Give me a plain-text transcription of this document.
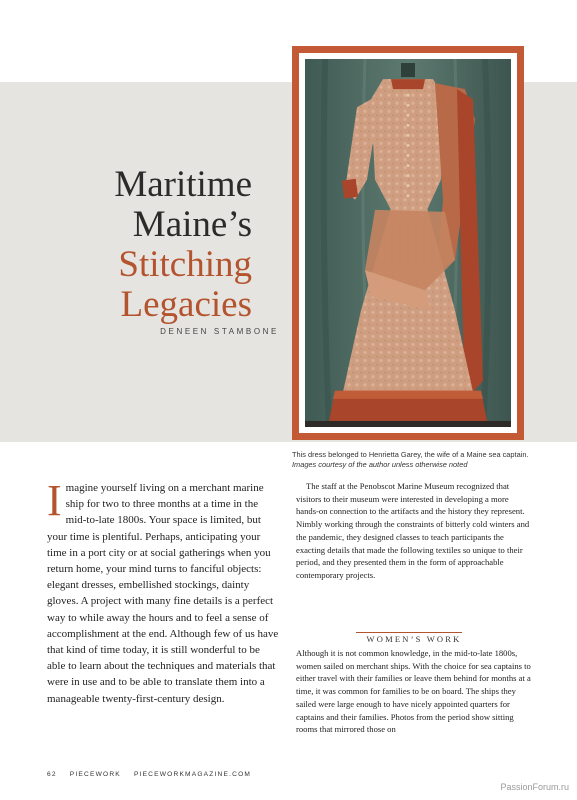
Maritime
Maine’s
Stitching
Legacies
DENEEN STAMBONE
This dress belonged to Henrietta Garey, the wife of a Maine sea captain.
Images courtesy of the author unless otherwise noted
Imagine yourself living on a merchant marine ship for two to three months at a time in the mid-to-late 1800s. Your space is limited, but your time is plentiful. Perhaps, anticipating your time in a port city or at social gatherings when you return home, your mind turns to fanciful objects: elegant dresses, embellished stockings, dainty gloves. A project with many fine details is a perfect way to while away the hours and to feel a sense of accomplishment at the end. Although few of us have that kind of time today, it is still wonderful to be able to learn about the techniques and materials that were in use and to be able to translate them into a manageable twenty-first-century design.

The staff at the Penobscot Marine Museum recognized that visitors to their museum were interested in developing a more hands-on connection to the artifacts and the history they represent. Nimbly working through the constraints of bitterly cold winters and the pandemic, they designed classes to teach participants the exacting details that made the following textiles so unique to their period, and they presented them in the form of approachable contemporary projects.

WOMEN’S WORK

Although it is not common knowledge, in the mid-to-late 1800s, women sailed on merchant ships. With the choice for sea captains to either travel with their families or leave them behind for months at a time, it was common for families to be on board. The ships they sailed were large enough to have nicely appointed quarters for captains and their families. Photos from the period show sitting rooms that mirrored those on

62 PIECEWORK PIECEWORKMAGAZINE.COM
PassionForum.ru
